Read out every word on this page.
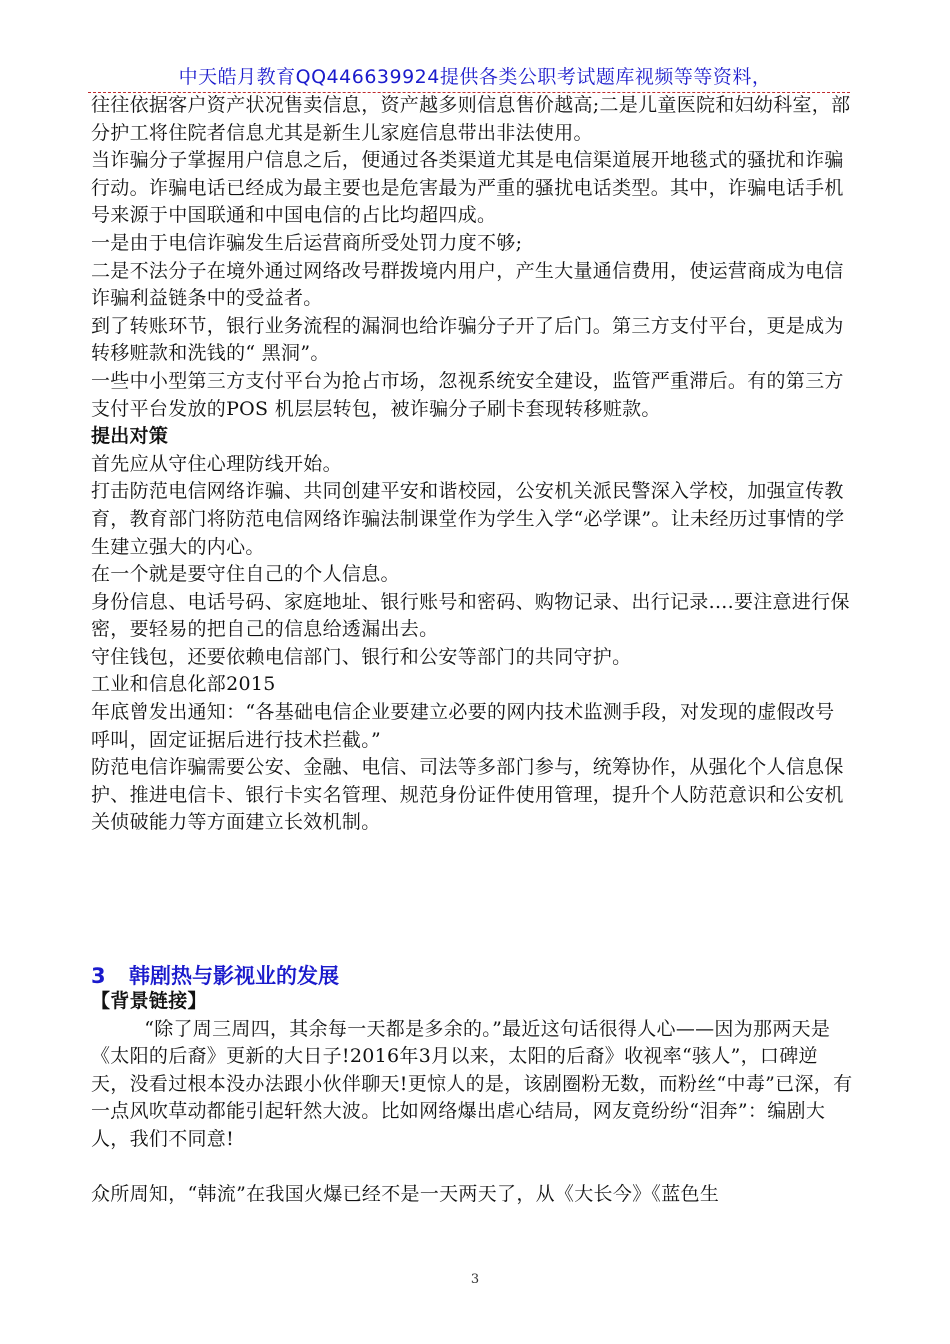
中天皓月教育QQ446639924提供各类公职考试题库视频等等资料，

往往依据客户资产状况售卖信息，资产越多则信息售价越高;二是儿童医院和妇幼科室，部分护工将住院者信息尤其是新生儿家庭信息带出非法使用。

当诈骗分子掌握用户信息之后，便通过各类渠道尤其是电信渠道展开地毯式的骚扰和诈骗行动。诈骗电话已经成为最主要也是危害最为严重的骚扰电话类型。其中，诈骗电话手机号来源于中国联通和中国电信的占比均超四成。

一是由于电信诈骗发生后运营商所受处罚力度不够;

二是不法分子在境外通过网络改号群拨境内用户，产生大量通信费用，使运营商成为电信诈骗利益链条中的受益者。

到了转账环节，银行业务流程的漏洞也给诈骗分子开了后门。第三方支付平台，更是成为转移赃款和洗钱的“ 黑洞”。

一些中小型第三方支付平台为抢占市场，忽视系统安全建设，监管严重滞后。有的第三方支付平台发放的POS 机层层转包，被诈骗分子刷卡套现转移赃款。

提出对策

首先应从守住心理防线开始。

打击防范电信网络诈骗、共同创建平安和谐校园，公安机关派民警深入学校，加强宣传教育，教育部门将防范电信网络诈骗法制课堂作为学生入学“必学课”。让未经历过事情的学生建立强大的内心。

在一个就是要守住自己的个人信息。

身份信息、电话号码、家庭地址、银行账号和密码、购物记录、出行记录....要注意进行保密，要轻易的把自己的信息给透漏出去。

守住钱包，还要依赖电信部门、银行和公安等部门的共同守护。

工业和信息化部2015

年底曾发出通知：“各基础电信企业要建立必要的网内技术监测手段，对发现的虚假改号呼叫，固定证据后进行技术拦截。”

防范电信诈骗需要公安、金融、电信、司法等多部门参与，统筹协作，从强化个人信息保护、推进电信卡、银行卡实名管理、规范身份证件使用管理，提升个人防范意识和公安机关侦破能力等方面建立长效机制。

3 韩剧热与影视业的发展

【背景链接】

“除了周三周四，其余每一天都是多余的。”最近这句话很得人心——因为那两天是《太阳的后裔》更新的大日子!2016年3月以来，太阳的后裔》收视率“骇人”，口碑逆天，没看过根本没办法跟小伙伴聊天!更惊人的是，该剧圈粉无数，而粉丝“中毒”已深，有一点风吹草动都能引起轩然大波。比如网络爆出虐心结局，网友竟纷纷“泪奔”：编剧大人，我们不同意!

众所周知，“韩流”在我国火爆已经不是一天两天了，从《大长今》《蓝色生

3
